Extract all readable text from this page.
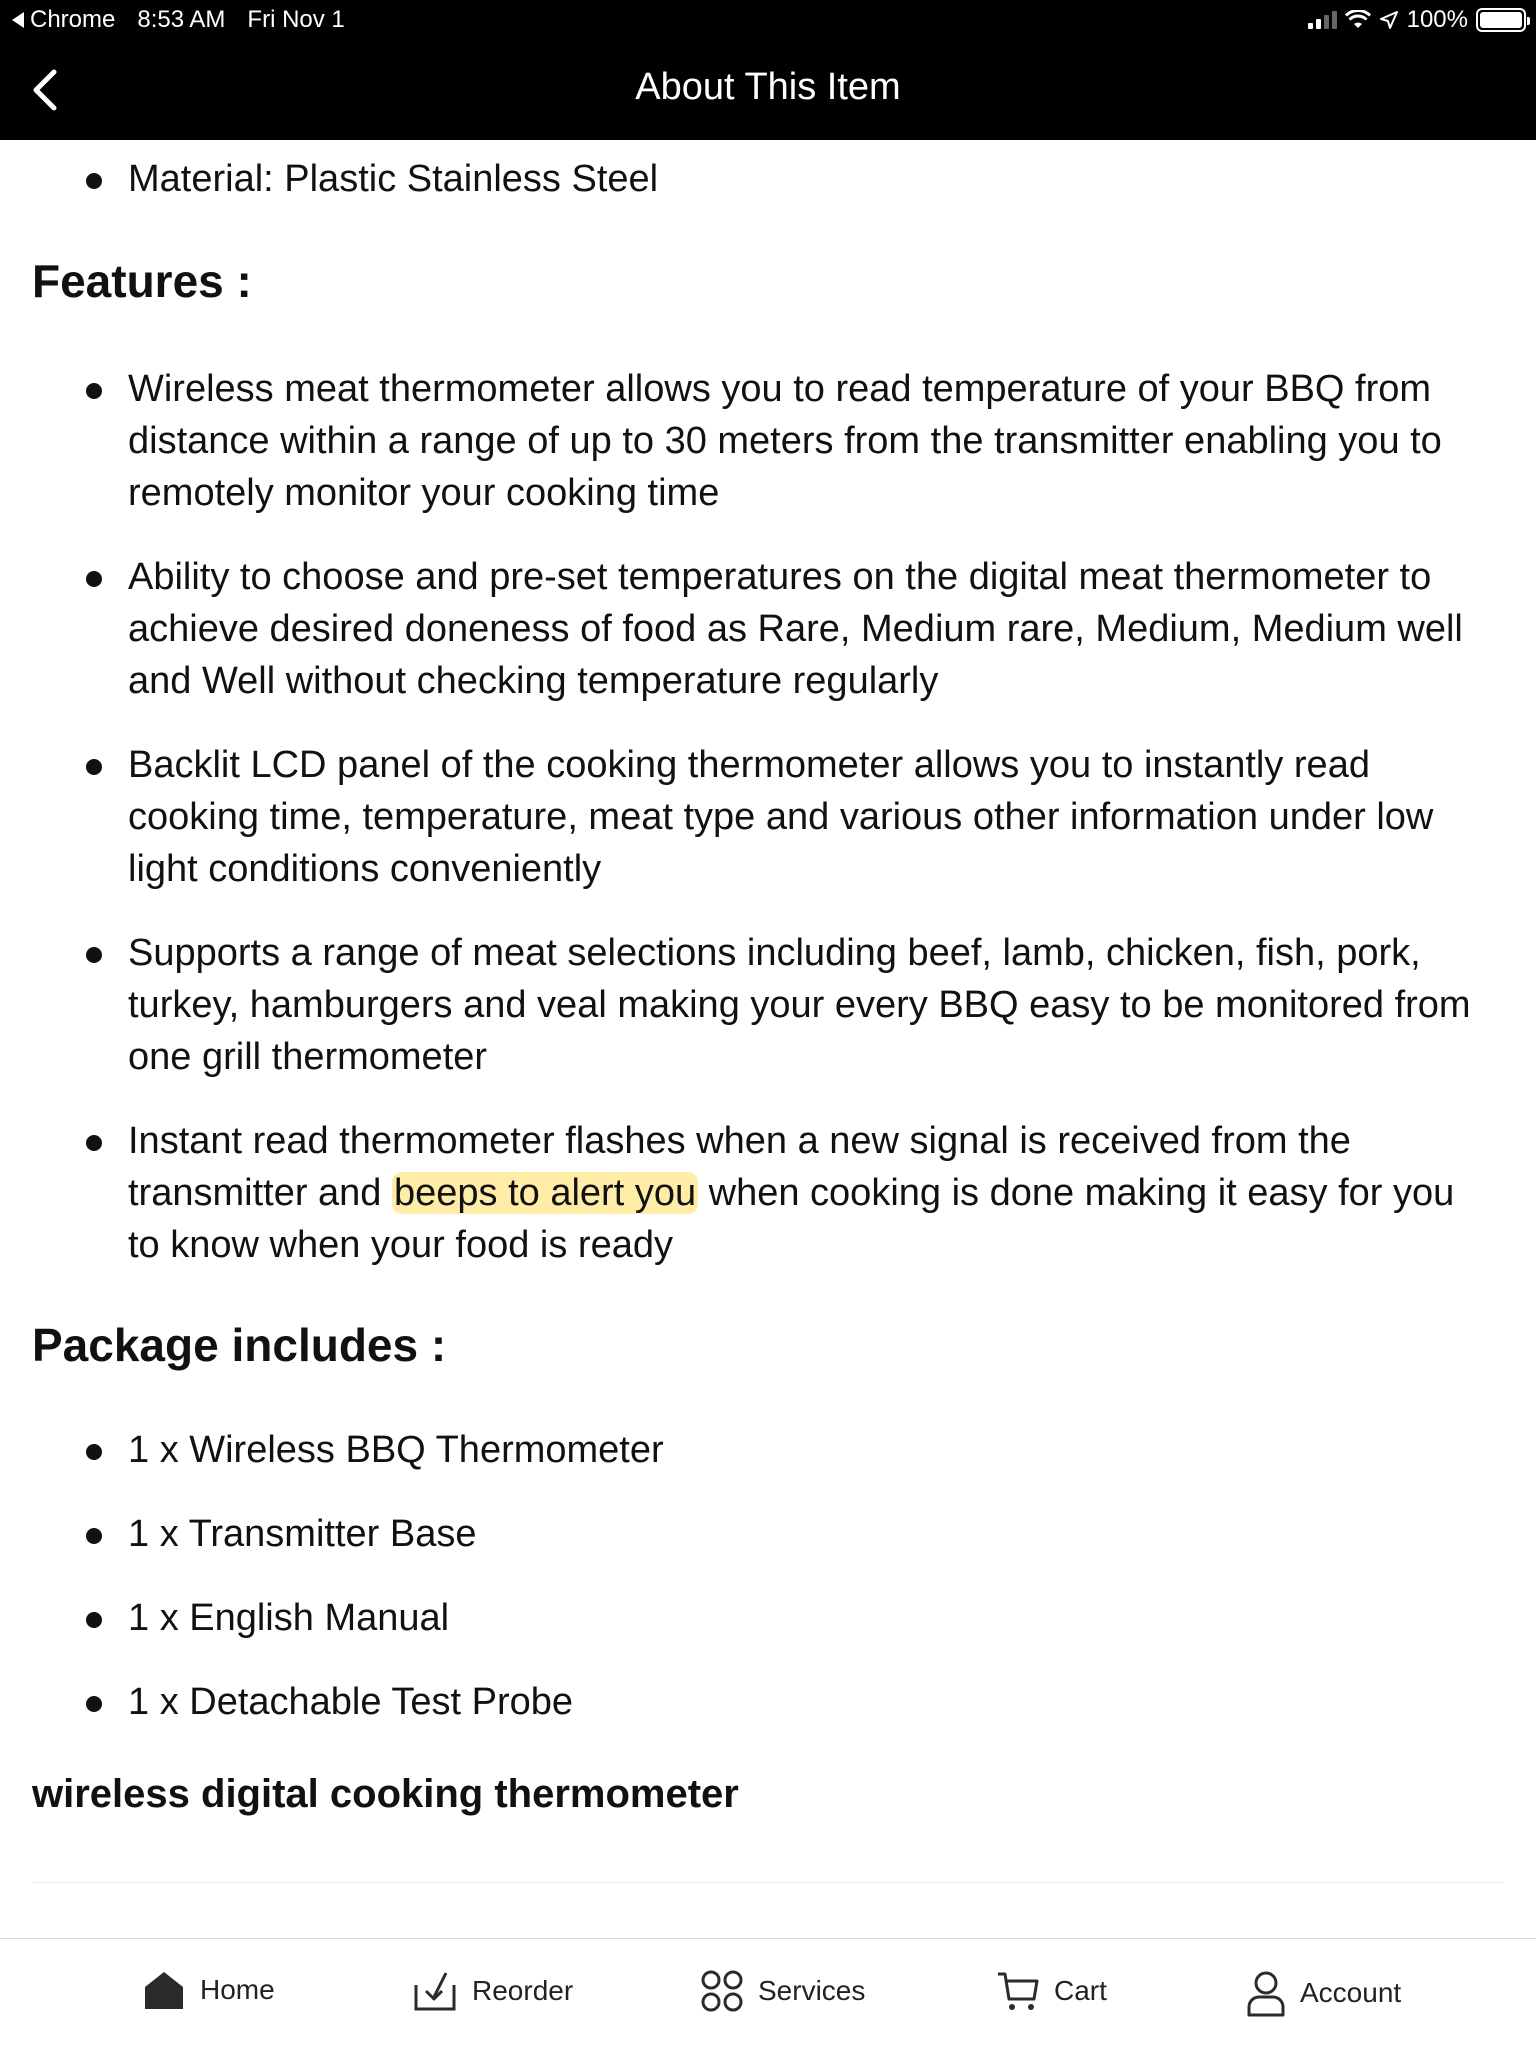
Chrome 8:53 AM Fri Nov 1	100%
About This Item
Material: Plastic Stainless Steel
Features :
Wireless meat thermometer allows you to read temperature of your BBQ from distance within a range of up to 30 meters from the transmitter enabling you to remotely monitor your cooking time
Ability to choose and pre-set temperatures on the digital meat thermometer to achieve desired doneness of food as Rare, Medium rare, Medium, Medium well and Well without checking temperature regularly
Backlit LCD panel of the cooking thermometer allows you to instantly read cooking time, temperature, meat type and various other information under low light conditions conveniently
Supports a range of meat selections including beef, lamb, chicken, fish, pork, turkey, hamburgers and veal making your every BBQ easy to be monitored from one grill thermometer
Instant read thermometer flashes when a new signal is received from the transmitter and beeps to alert you when cooking is done making it easy for you to know when your food is ready
Package includes :
1 x Wireless BBQ Thermometer
1 x Transmitter Base
1 x English Manual
1 x Detachable Test Probe
wireless digital cooking thermometer
Home	Reorder	Services	Cart	Account
